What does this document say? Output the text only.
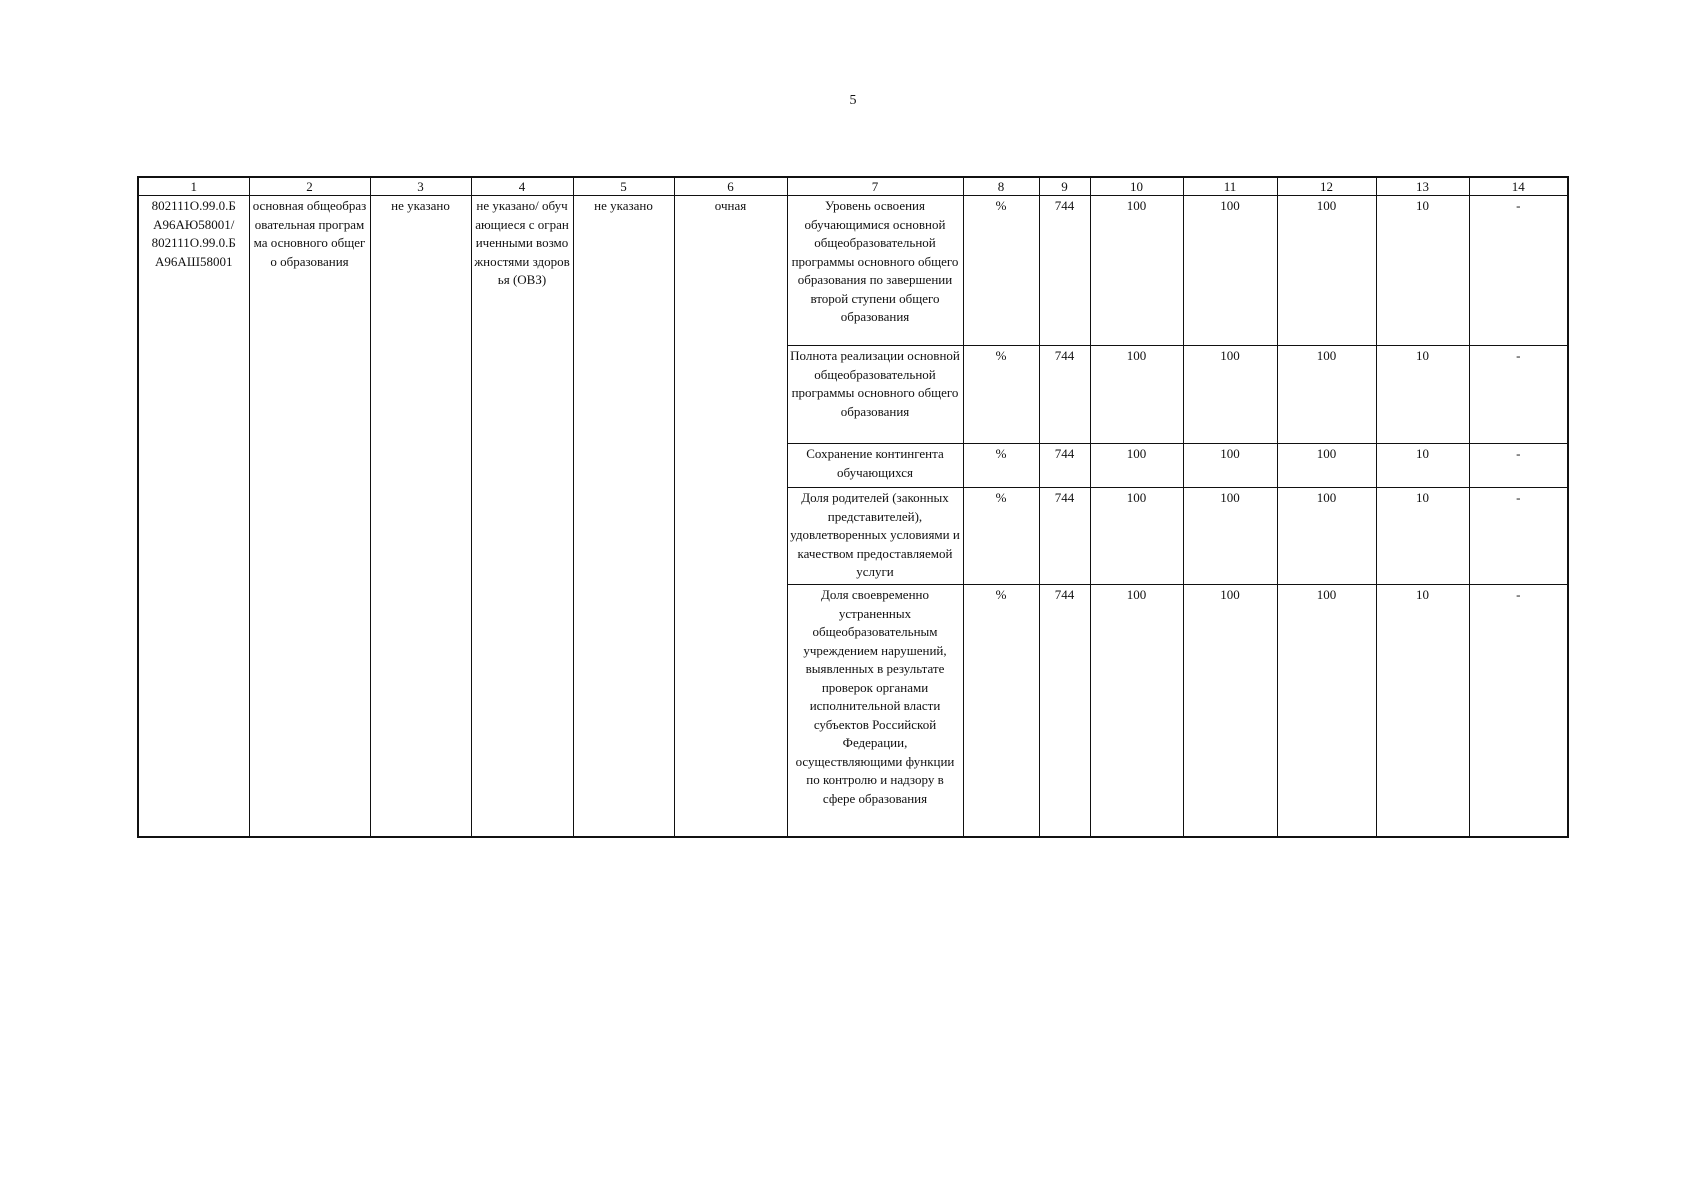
5
1	2	3	4	5	6	7	8	9	10	11	12	13	14

802111О.99.0.Б
А96АЮ58001/
802111О.99.0.Б
А96АШ58001	основная общеобразовательная программа основного общего образования	не указано	не указано/ обучающиеся с ограниченными возможностями здоровья (ОВЗ)	не указано	очная	Уровень освоения обучающимися основной общеобразовательной программы основного общего образования по завершении второй ступени общего образования	%	744	100	100	100	10	-
						Полнота реализации основной общеобразовательной программы основного общего образования	%	744	100	100	100	10	-
						Сохранение контингента обучающихся	%	744	100	100	100	10	-
						Доля родителей (законных представителей), удовлетворенных условиями и качеством предоставляемой услуги	%	744	100	100	100	10	-
						Доля своевременно устраненных общеобразовательным учреждением нарушений, выявленных в результате проверок органами исполнительной власти субъектов Российской Федерации, осуществляющими функции по контролю и надзору в сфере образования	%	744	100	100	100	10	-
